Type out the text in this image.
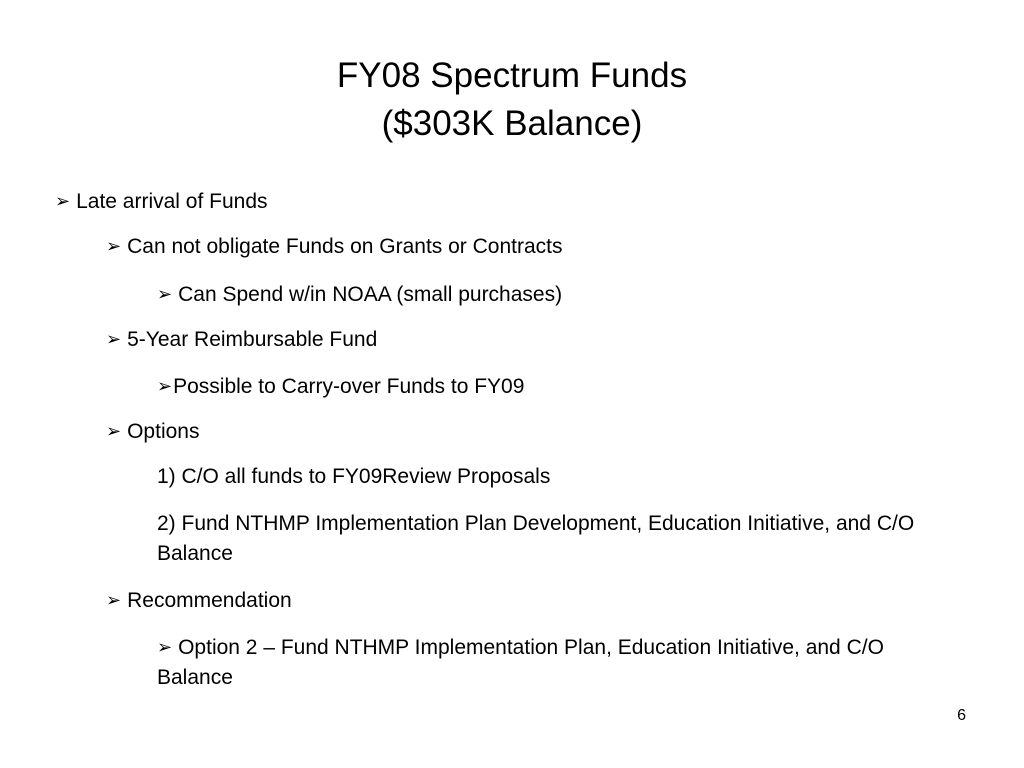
FY08 Spectrum Funds
($303K Balance)
➢ Late arrival of Funds
➢ Can not obligate Funds on Grants or Contracts
➢ Can Spend w/in NOAA (small purchases)
➢ 5-Year Reimbursable Fund
➢Possible to Carry-over Funds to FY09
➢ Options
1) C/O all funds to FY09Review Proposals
2) Fund NTHMP Implementation Plan Development, Education Initiative, and C/O Balance
➢ Recommendation
➢ Option 2 – Fund NTHMP Implementation Plan, Education Initiative, and C/O Balance
6
